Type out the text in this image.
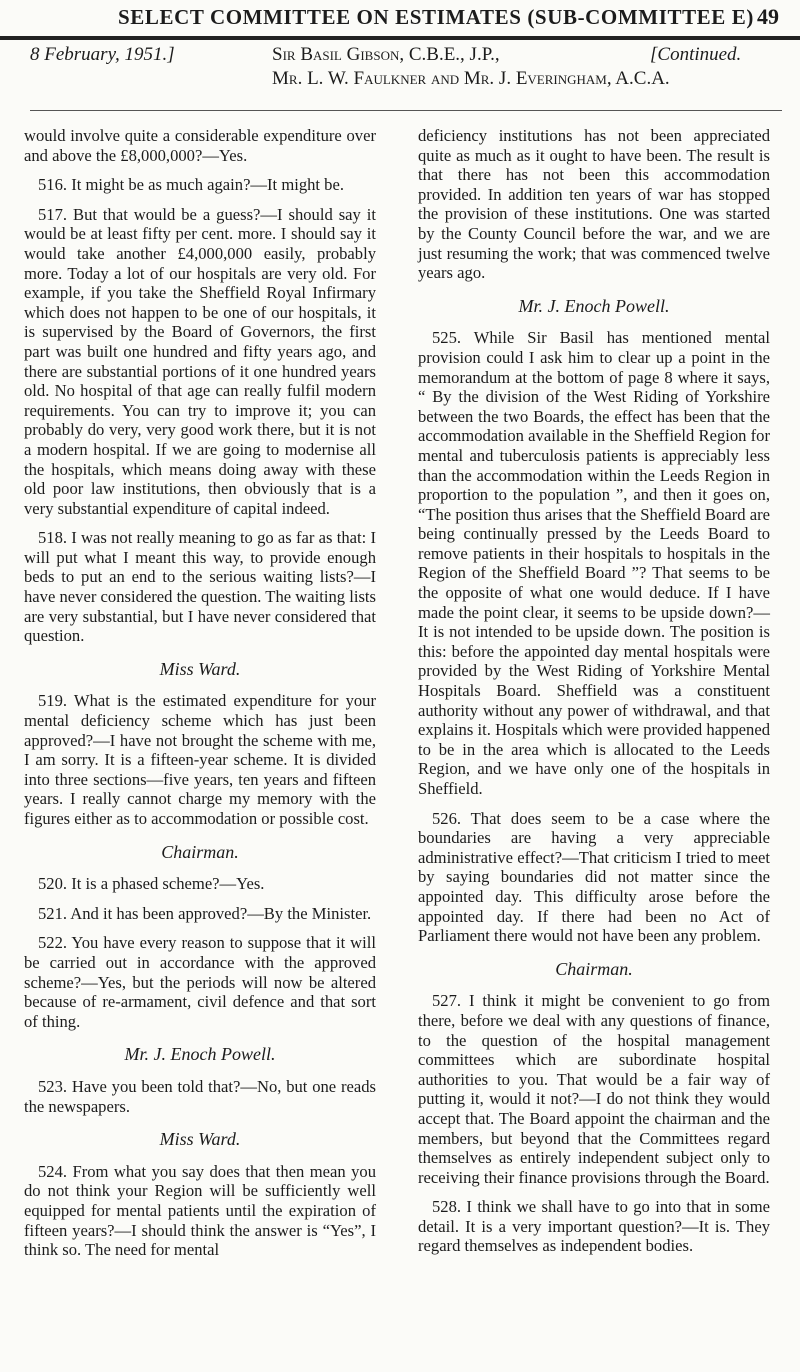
SELECT COMMITTEE ON ESTIMATES (SUB-COMMITTEE E) 49
8 February, 1951.]	Sir Basil Gibson, C.B.E., J.P.,	[Continued.
Mr. L. W. Faulkner and Mr. J. Everingham, A.C.A.

would involve quite a considerable expenditure over and above the £8,000,000?—Yes.

516. It might be as much again?—It might be.

517. But that would be a guess?—I should say it would be at least fifty per cent. more. I should say it would take another £4,000,000 easily, probably more. Today a lot of our hospitals are very old. For example, if you take the Sheffield Royal Infirmary which does not happen to be one of our hospitals, it is supervised by the Board of Governors, the first part was built one hundred and fifty years ago, and there are substantial portions of it one hundred years old. No hospital of that age can really fulfil modern requirements. You can try to improve it; you can probably do very, very good work there, but it is not a modern hospital. If we are going to modernise all the hospitals, which means doing away with these old poor law institutions, then obviously that is a very substantial expenditure of capital indeed.

518. I was not really meaning to go as far as that: I will put what I meant this way, to provide enough beds to put an end to the serious waiting lists?—I have never considered the question. The waiting lists are very substantial, but I have never considered that question.

Miss Ward.

519. What is the estimated expenditure for your mental deficiency scheme which has just been approved?—I have not brought the scheme with me, I am sorry. It is a fifteen-year scheme. It is divided into three sections—five years, ten years and fifteen years. I really cannot charge my memory with the figures either as to accommodation or possible cost.

Chairman.

520. It is a phased scheme?—Yes.

521. And it has been approved?—By the Minister.

522. You have every reason to suppose that it will be carried out in accordance with the approved scheme?—Yes, but the periods will now be altered because of re-armament, civil defence and that sort of thing.

Mr. J. Enoch Powell.

523. Have you been told that?—No, but one reads the newspapers.

Miss Ward.

524. From what you say does that then mean you do not think your Region will be sufficiently well equipped for mental patients until the expiration of fifteen years?—I should think the answer is “Yes”, I think so. The need for mental

deficiency institutions has not been appreciated quite as much as it ought to have been. The result is that there has not been this accommodation provided. In addition ten years of war has stopped the provision of these institutions. One was started by the County Council before the war, and we are just resuming the work; that was commenced twelve years ago.

Mr. J. Enoch Powell.

525. While Sir Basil has mentioned mental provision could I ask him to clear up a point in the memorandum at the bottom of page 8 where it says, “ By the division of the West Riding of Yorkshire between the two Boards, the effect has been that the accommodation available in the Sheffield Region for mental and tuberculosis patients is appreciably less than the accommodation within the Leeds Region in proportion to the population ”, and then it goes on, “The position thus arises that the Sheffield Board are being continually pressed by the Leeds Board to remove patients in their hospitals to hospitals in the Region of the Sheffield Board ”? That seems to be the opposite of what one would deduce. If I have made the point clear, it seems to be upside down?—It is not intended to be upside down. The position is this: before the appointed day mental hospitals were provided by the West Riding of Yorkshire Mental Hospitals Board. Sheffield was a constituent authority without any power of withdrawal, and that explains it. Hospitals which were provided happened to be in the area which is allocated to the Leeds Region, and we have only one of the hospitals in Sheffield.

526. That does seem to be a case where the boundaries are having a very appreciable administrative effect?—That criticism I tried to meet by saying boundaries did not matter since the appointed day. This difficulty arose before the appointed day. If there had been no Act of Parliament there would not have been any problem.

Chairman.

527. I think it might be convenient to go from there, before we deal with any questions of finance, to the question of the hospital management committees which are subordinate hospital authorities to you. That would be a fair way of putting it, would it not?—I do not think they would accept that. The Board appoint the chairman and the members, but beyond that the Committees regard themselves as entirely independent subject only to receiving their finance provisions through the Board.

528. I think we shall have to go into that in some detail. It is a very important question?—It is. They regard themselves as independent bodies.
